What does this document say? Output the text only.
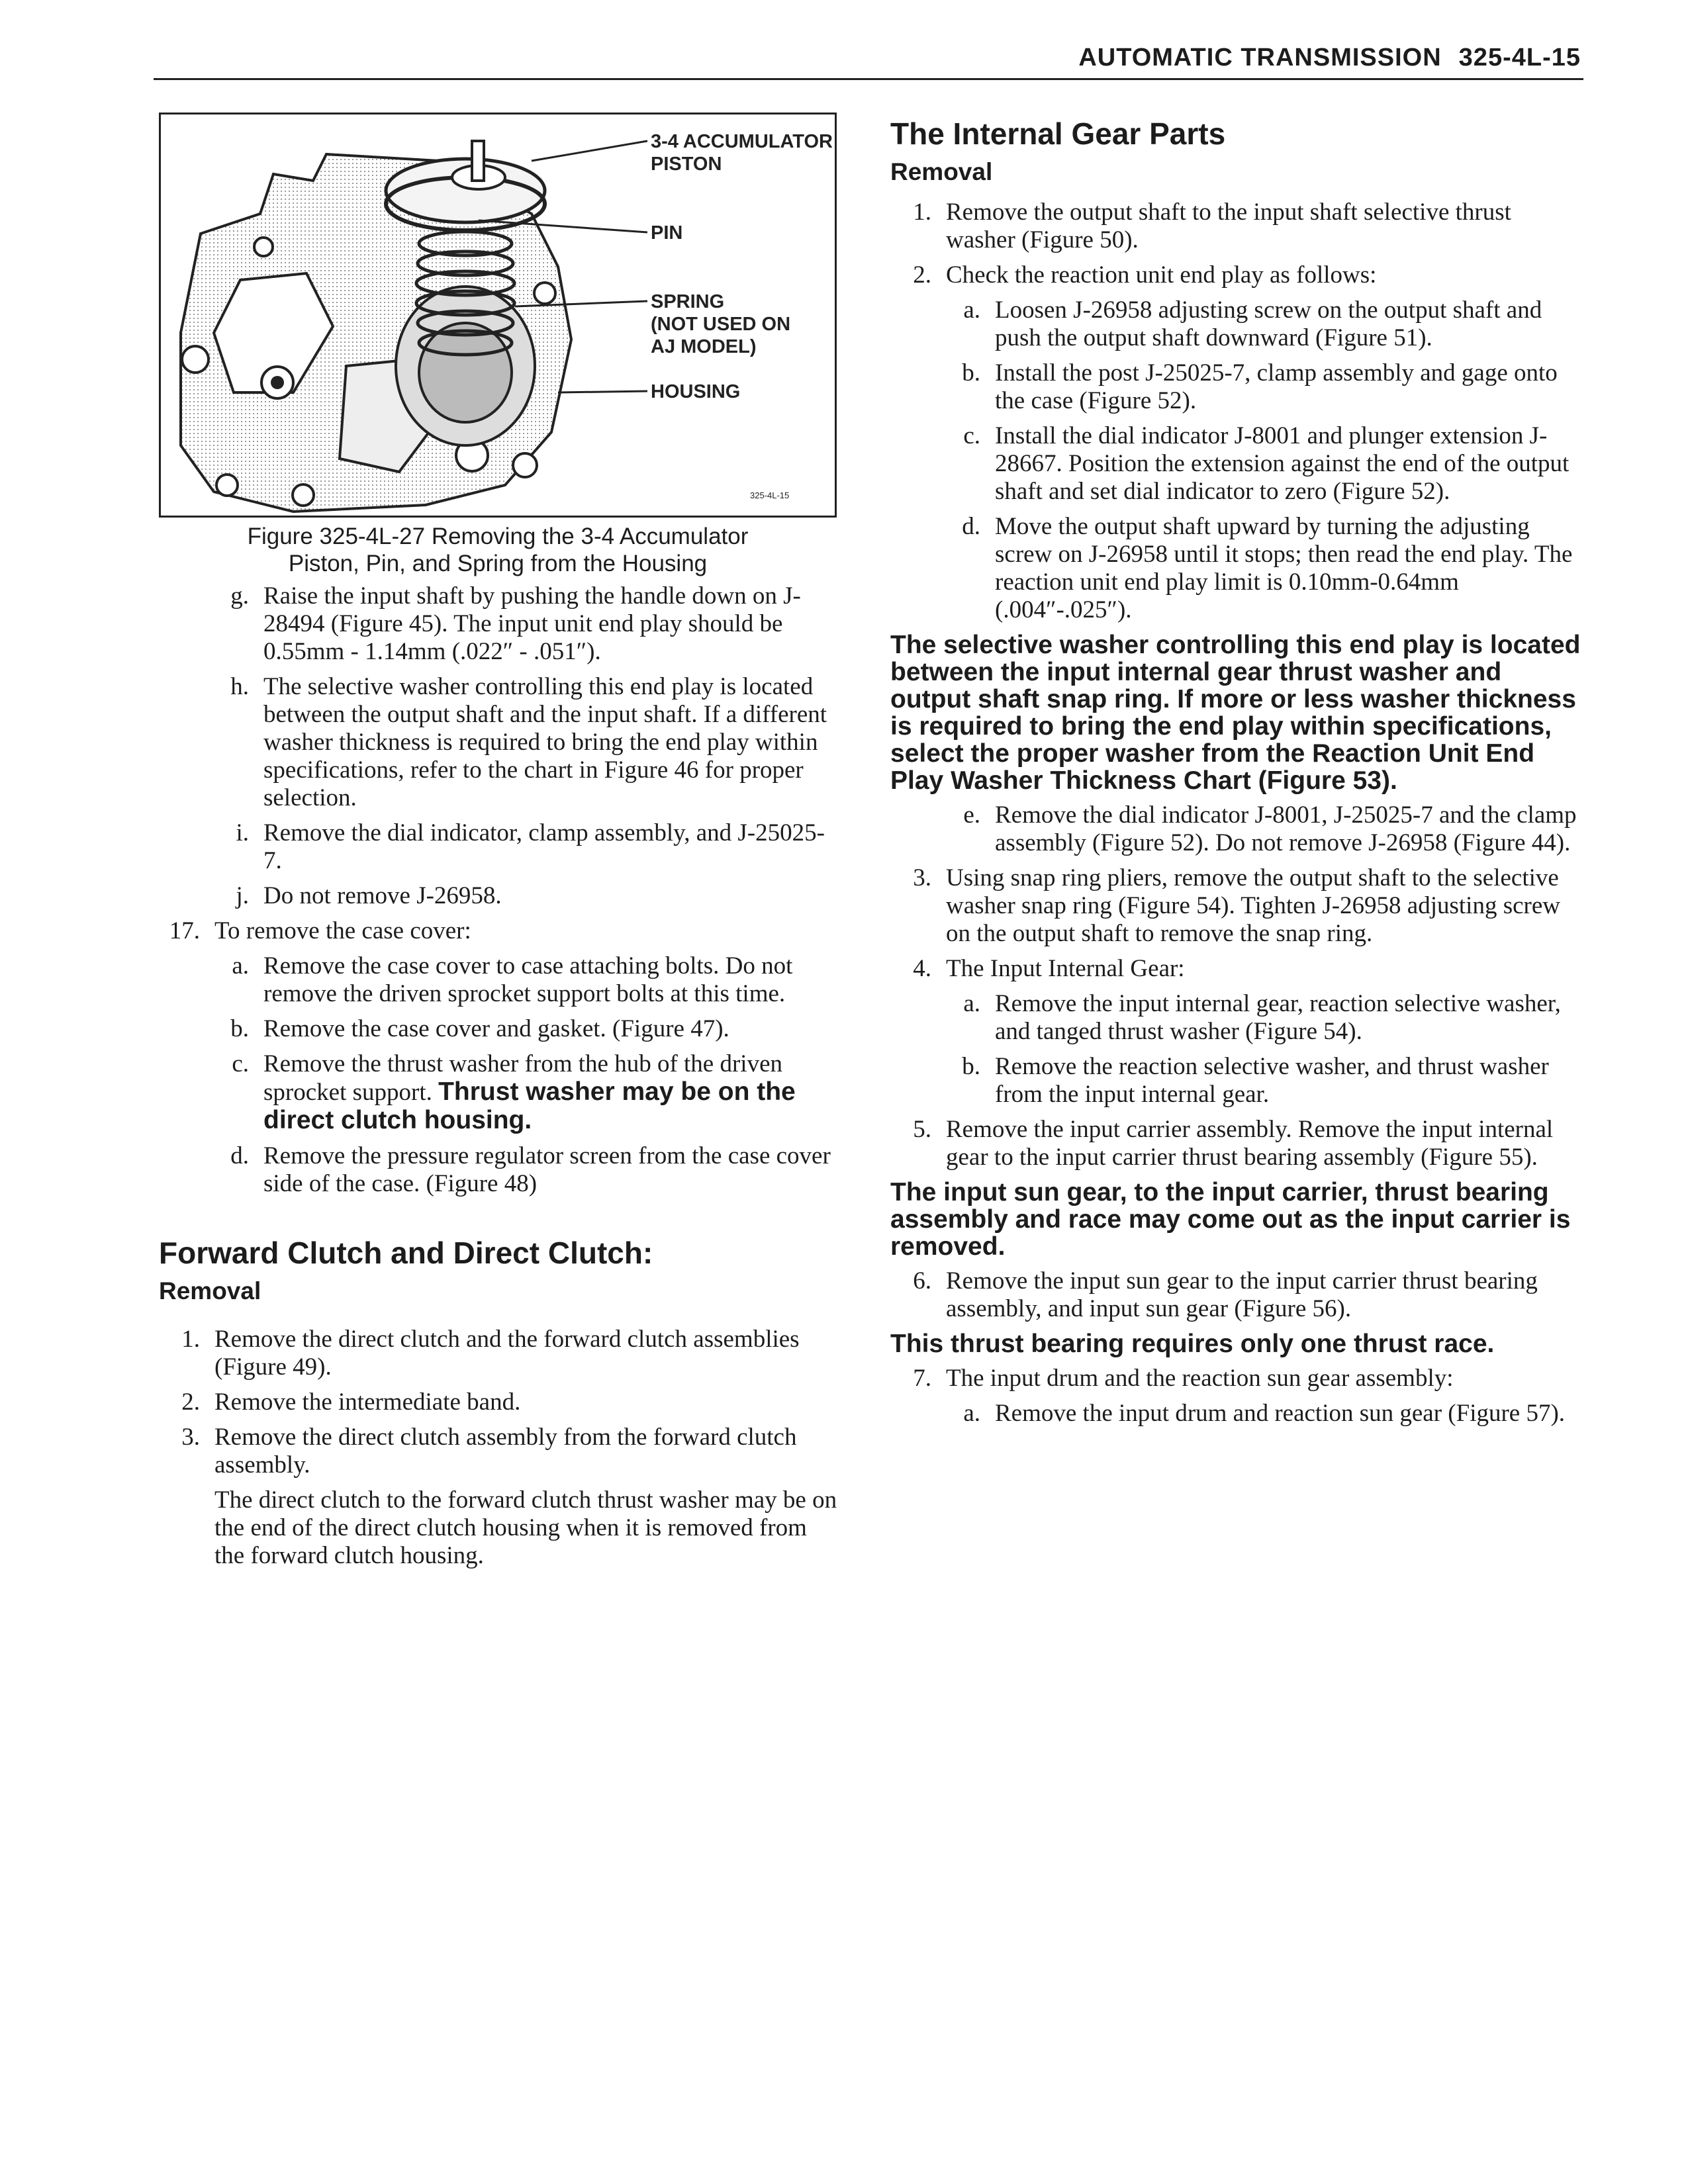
AUTOMATIC TRANSMISSION 325-4L-15
3-4 ACCUMULATOR
PISTON
PIN
SPRING
(NOT USED ON
AJ MODEL)
HOUSING
325-4L-15
Figure 325-4L-27 Removing the 3-4 Accumulator
Piston, Pin, and Spring from the Housing
g. Raise the input shaft by pushing the handle down on J-28494 (Figure 45). The input unit end play should be 0.55mm - 1.14mm (.022″ - .051″).
h. The selective washer controlling this end play is located between the output shaft and the input shaft. If a different washer thickness is required to bring the end play within specifications, refer to the chart in Figure 46 for proper selection.
i. Remove the dial indicator, clamp assembly, and J-25025-7.
j. Do not remove J-26958.
17. To remove the case cover:
a. Remove the case cover to case attaching bolts. Do not remove the driven sprocket support bolts at this time.
b. Remove the case cover and gasket. (Figure 47).
c. Remove the thrust washer from the hub of the driven sprocket support. Thrust washer may be on the direct clutch housing.
d. Remove the pressure regulator screen from the case cover side of the case. (Figure 48)
Forward Clutch and Direct Clutch:
Removal
1. Remove the direct clutch and the forward clutch assemblies (Figure 49).
2. Remove the intermediate band.
3. Remove the direct clutch assembly from the forward clutch assembly.
The direct clutch to the forward clutch thrust washer may be on the end of the direct clutch housing when it is removed from the forward clutch housing.
The Internal Gear Parts
Removal
1. Remove the output shaft to the input shaft selective thrust washer (Figure 50).
2. Check the reaction unit end play as follows:
a. Loosen J-26958 adjusting screw on the output shaft and push the output shaft downward (Figure 51).
b. Install the post J-25025-7, clamp assembly and gage onto the case (Figure 52).
c. Install the dial indicator J-8001 and plunger extension J-28667. Position the extension against the end of the output shaft and set dial indicator to zero (Figure 52).
d. Move the output shaft upward by turning the adjusting screw on J-26958 until it stops; then read the end play. The reaction unit end play limit is 0.10mm-0.64mm (.004″-.025″).
The selective washer controlling this end play is located between the input internal gear thrust washer and output shaft snap ring. If more or less washer thickness is required to bring the end play within specifications, select the proper washer from the Reaction Unit End Play Washer Thickness Chart (Figure 53).
e. Remove the dial indicator J-8001, J-25025-7 and the clamp assembly (Figure 52). Do not remove J-26958 (Figure 44).
3. Using snap ring pliers, remove the output shaft to the selective washer snap ring (Figure 54). Tighten J-26958 adjusting screw on the output shaft to remove the snap ring.
4. The Input Internal Gear:
a. Remove the input internal gear, reaction selective washer, and tanged thrust washer (Figure 54).
b. Remove the reaction selective washer, and thrust washer from the input internal gear.
5. Remove the input carrier assembly. Remove the input internal gear to the input carrier thrust bearing assembly (Figure 55).
The input sun gear, to the input carrier, thrust bearing assembly and race may come out as the input carrier is removed.
6. Remove the input sun gear to the input carrier thrust bearing assembly, and input sun gear (Figure 56).
This thrust bearing requires only one thrust race.
7. The input drum and the reaction sun gear assembly:
a. Remove the input drum and reaction sun gear (Figure 57).
